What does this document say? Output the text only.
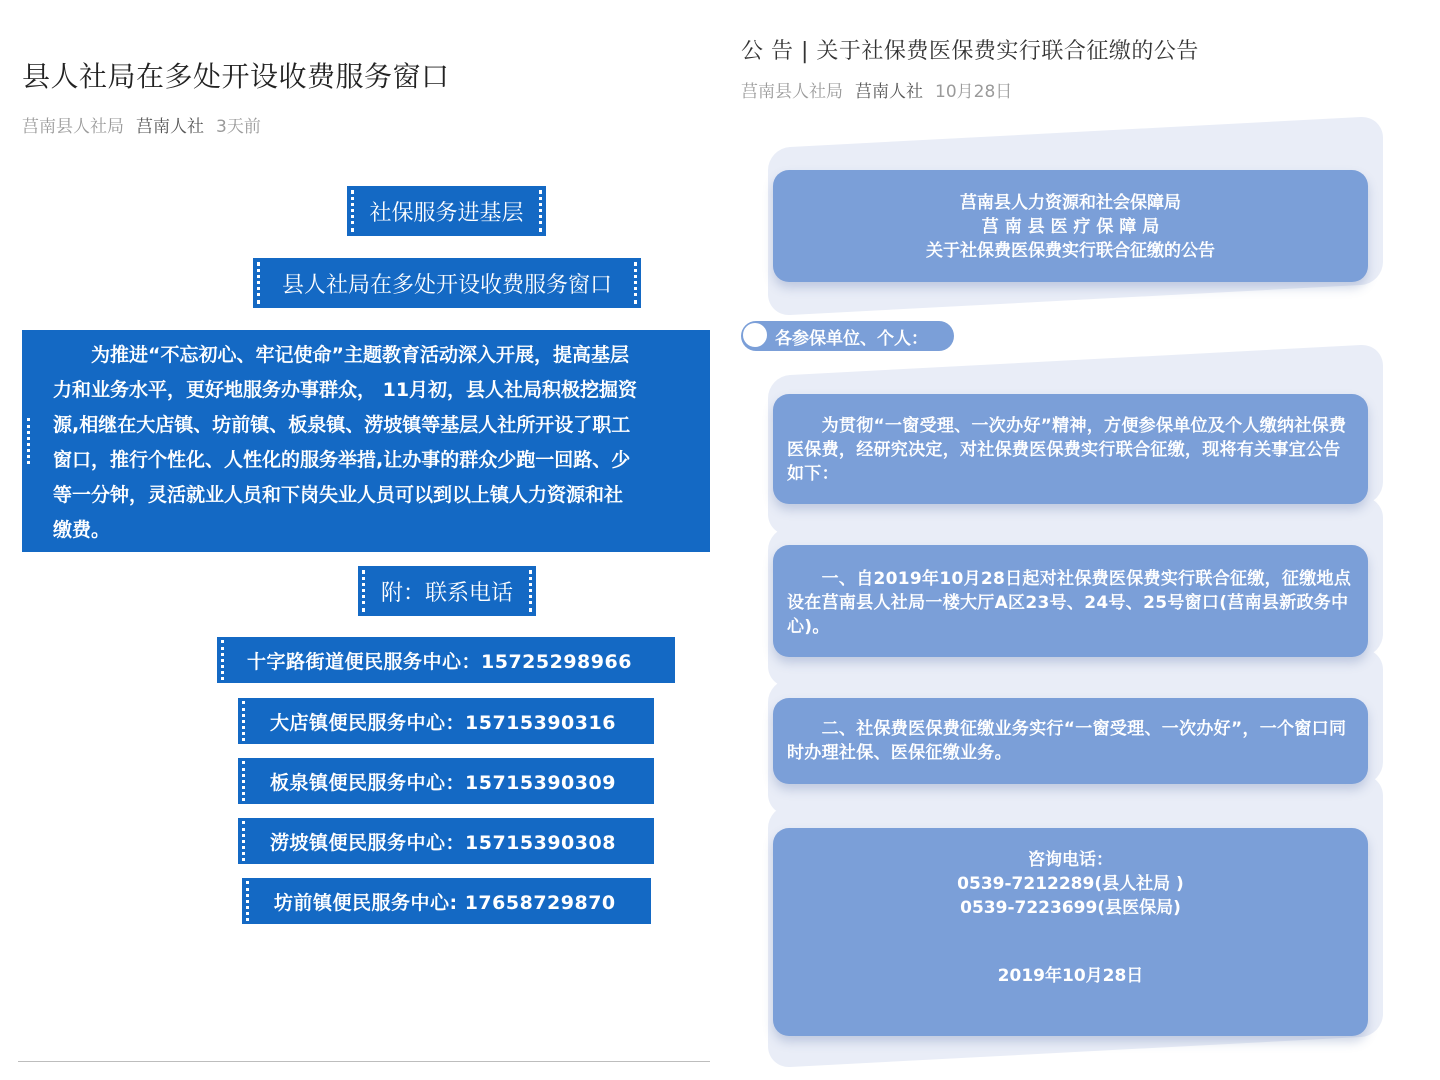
县人社局在多处开设收费服务窗口
莒南县人社局 莒南人社 3天前
社保服务进基层
县人社局在多处开设收费服务窗口
　　为推进“不忘初心、牢记使命”主题教育活动深入开展，提高基层
力和业务水平，更好地服务办事群众， 11月初，县人社局积极挖掘资
源,相继在大店镇、坊前镇、板泉镇、涝坡镇等基层人社所开设了职工
窗口，推行个性化、人性化的服务举措,让办事的群众少跑一回路、少
等一分钟，灵活就业人员和下岗失业人员可以到以上镇人力资源和社
缴费。
附：联系电话
十字路街道便民服务中心：15725298966
大店镇便民服务中心：15715390316
板泉镇便民服务中心：15715390309
涝坡镇便民服务中心：15715390308
坊前镇便民服务中心: 17658729870
公 告 | 关于社保费医保费实行联合征缴的公告
莒南县人社局 莒南人社 10月28日
莒南县人力资源和社会保障局
莒 南 县 医 疗 保 障 局
关于社保费医保费实行联合征缴的公告
各参保单位、个人：
　　为贯彻“一窗受理、一次办好”精神，方便参保单位及个人缴纳社保费医保费，经研究决定，对社保费医保费实行联合征缴，现将有关事宜公告如下：
　　一、自2019年10月28日起对社保费医保费实行联合征缴，征缴地点设在莒南县人社局一楼大厅A区23号、24号、25号窗口(莒南县新政务中心)。
　　二、社保费医保费征缴业务实行“一窗受理、一次办好”，一个窗口同时办理社保、医保征缴业务。
咨询电话：
0539-7212289(县人社局 )
0539-7223699(县医保局)
2019年10月28日
